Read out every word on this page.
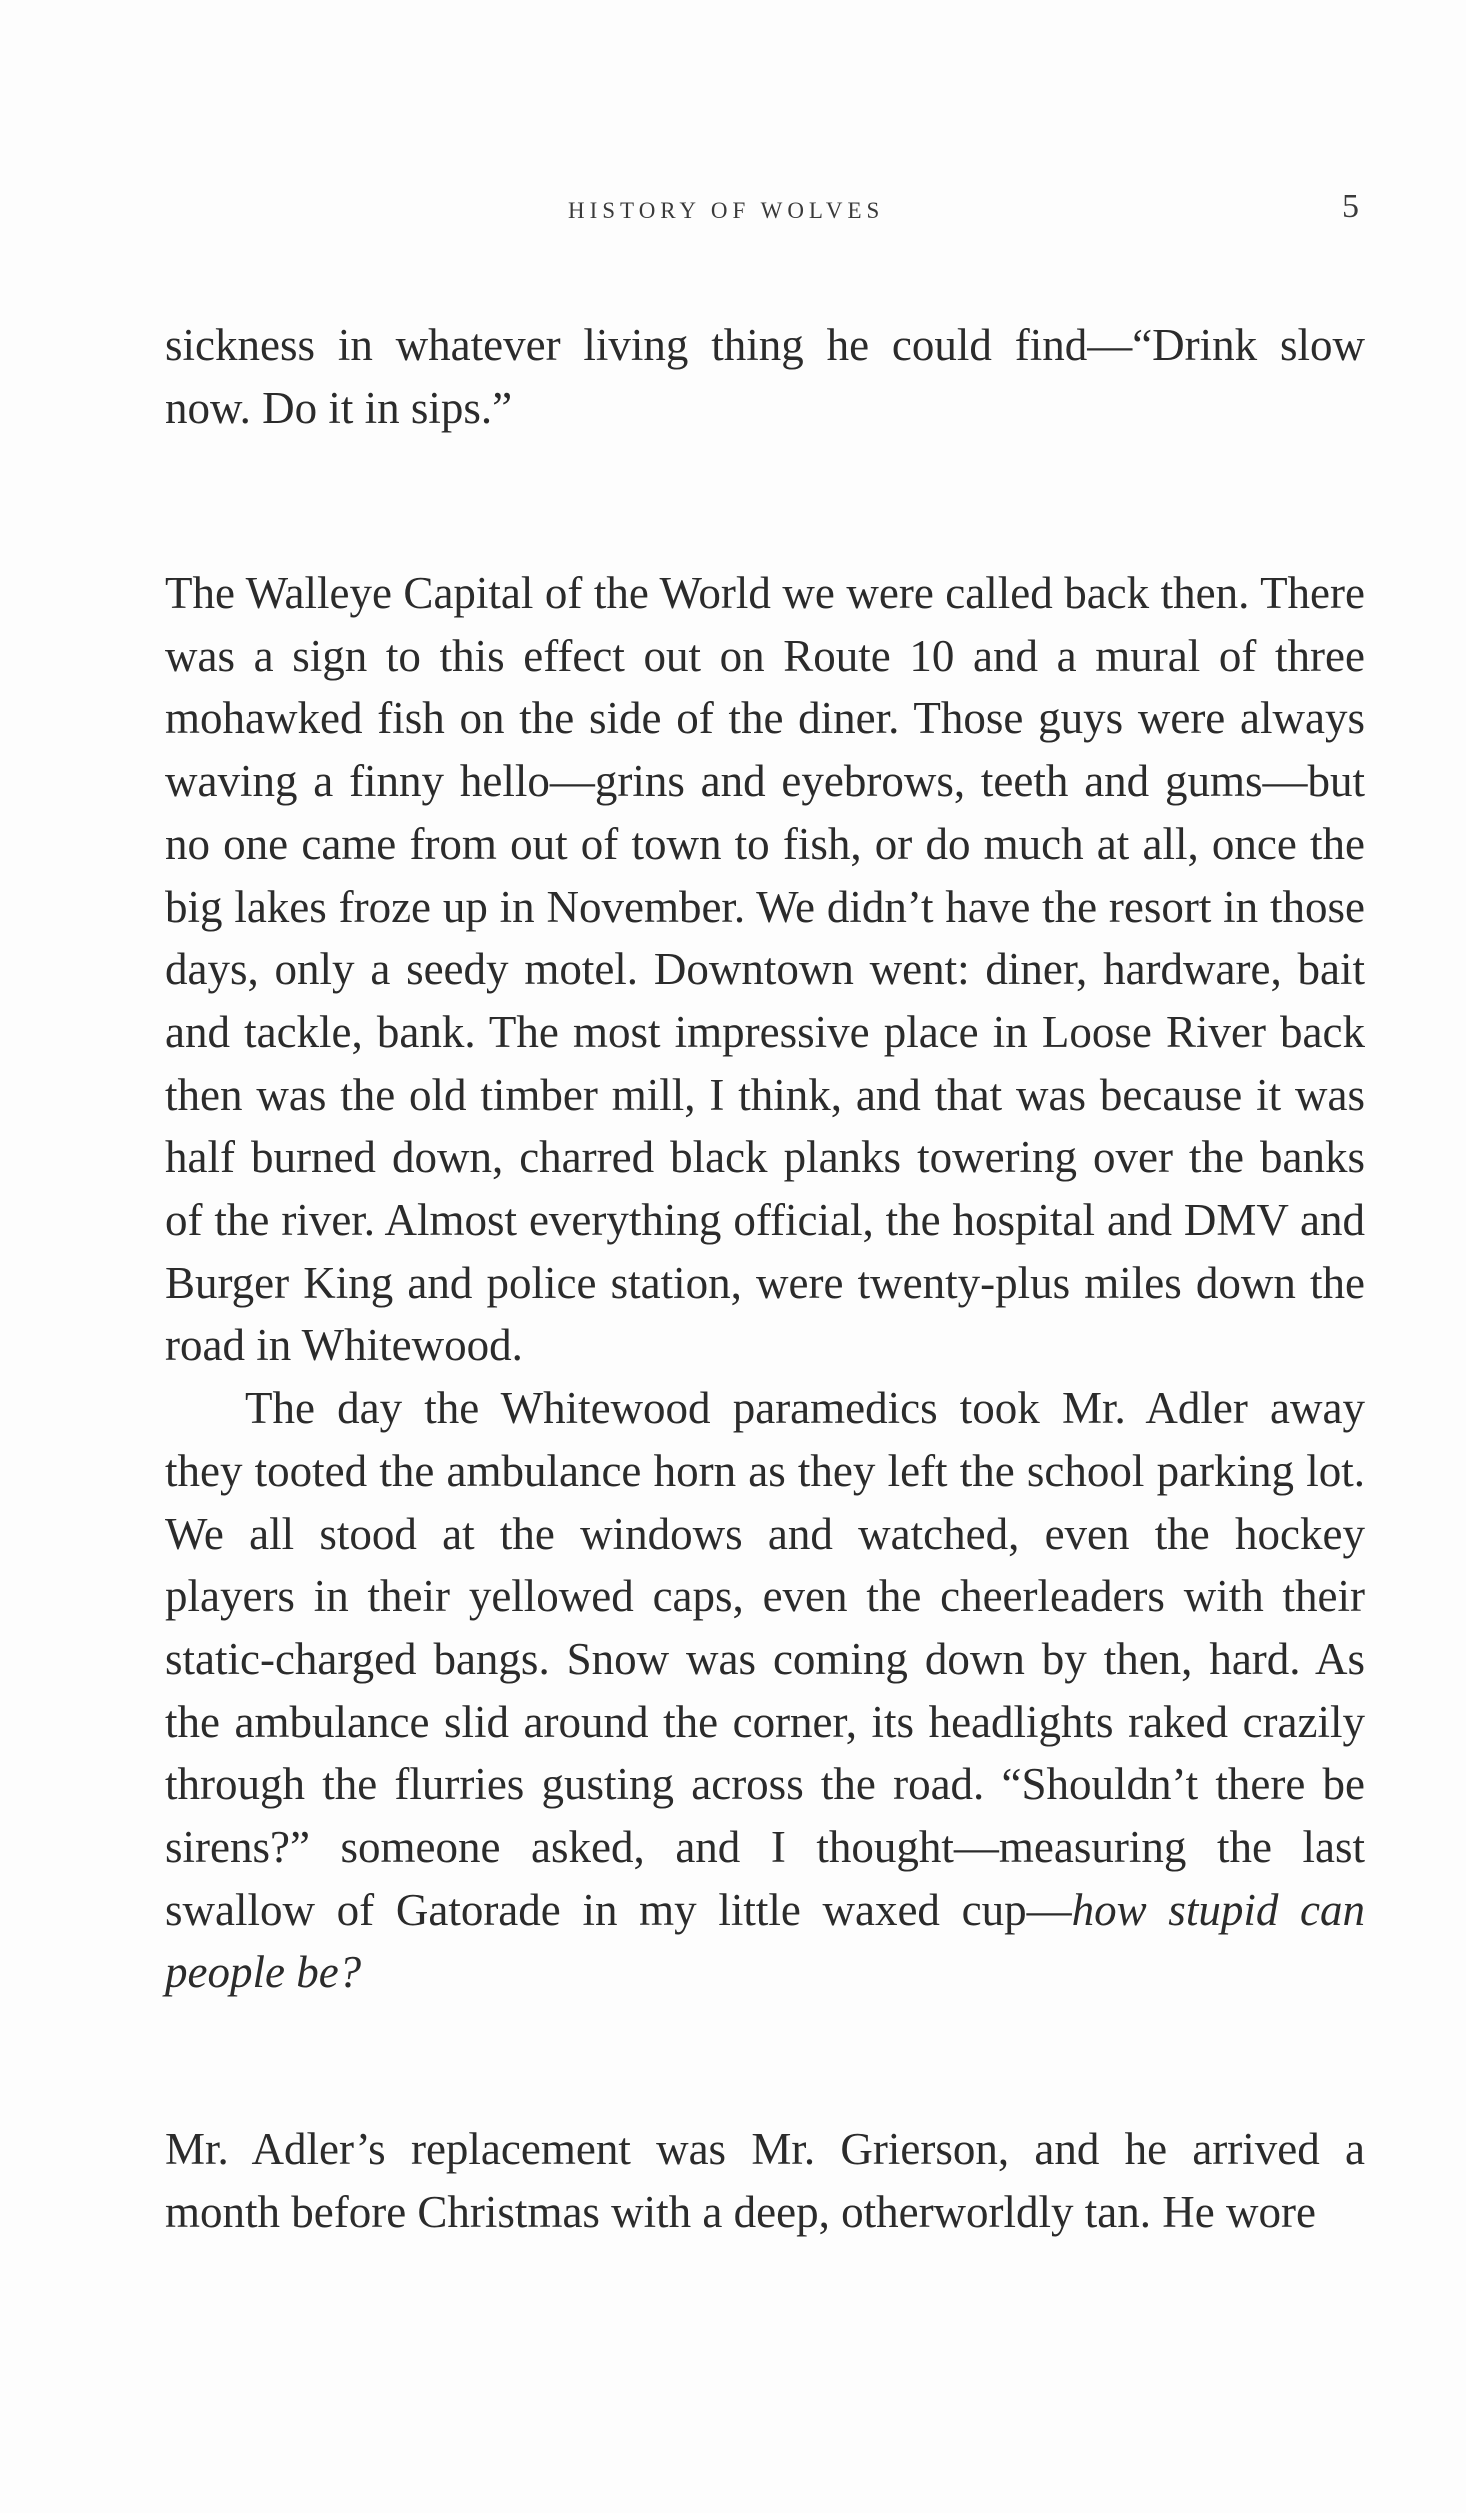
HISTORY OF WOLVES	5

sickness in whatever living thing he could find—“Drink slow now. Do it in sips.”

The Walleye Capital of the World we were called back then. There was a sign to this effect out on Route 10 and a mural of three mohawked fish on the side of the diner. Those guys were always waving a finny hello—grins and eyebrows, teeth and gums—but no one came from out of town to fish, or do much at all, once the big lakes froze up in November. We didn’t have the resort in those days, only a seedy motel. Downtown went: diner, hardware, bait and tackle, bank. The most impressive place in Loose River back then was the old timber mill, I think, and that was because it was half burned down, charred black planks towering over the banks of the river. Almost everything official, the hospital and DMV and Burger King and police station, were twenty-plus miles down the road in Whitewood.

The day the Whitewood paramedics took Mr. Adler away they tooted the ambulance horn as they left the school parking lot. We all stood at the windows and watched, even the hockey players in their yellowed caps, even the cheerleaders with their static-charged bangs. Snow was coming down by then, hard. As the ambulance slid around the corner, its headlights raked crazily through the flurries gusting across the road. “Shouldn’t there be sirens?” someone asked, and I thought—measuring the last swallow of Gatorade in my little waxed cup—how stupid can people be?

Mr. Adler’s replacement was Mr. Grierson, and he arrived a month before Christmas with a deep, otherworldly tan. He wore
